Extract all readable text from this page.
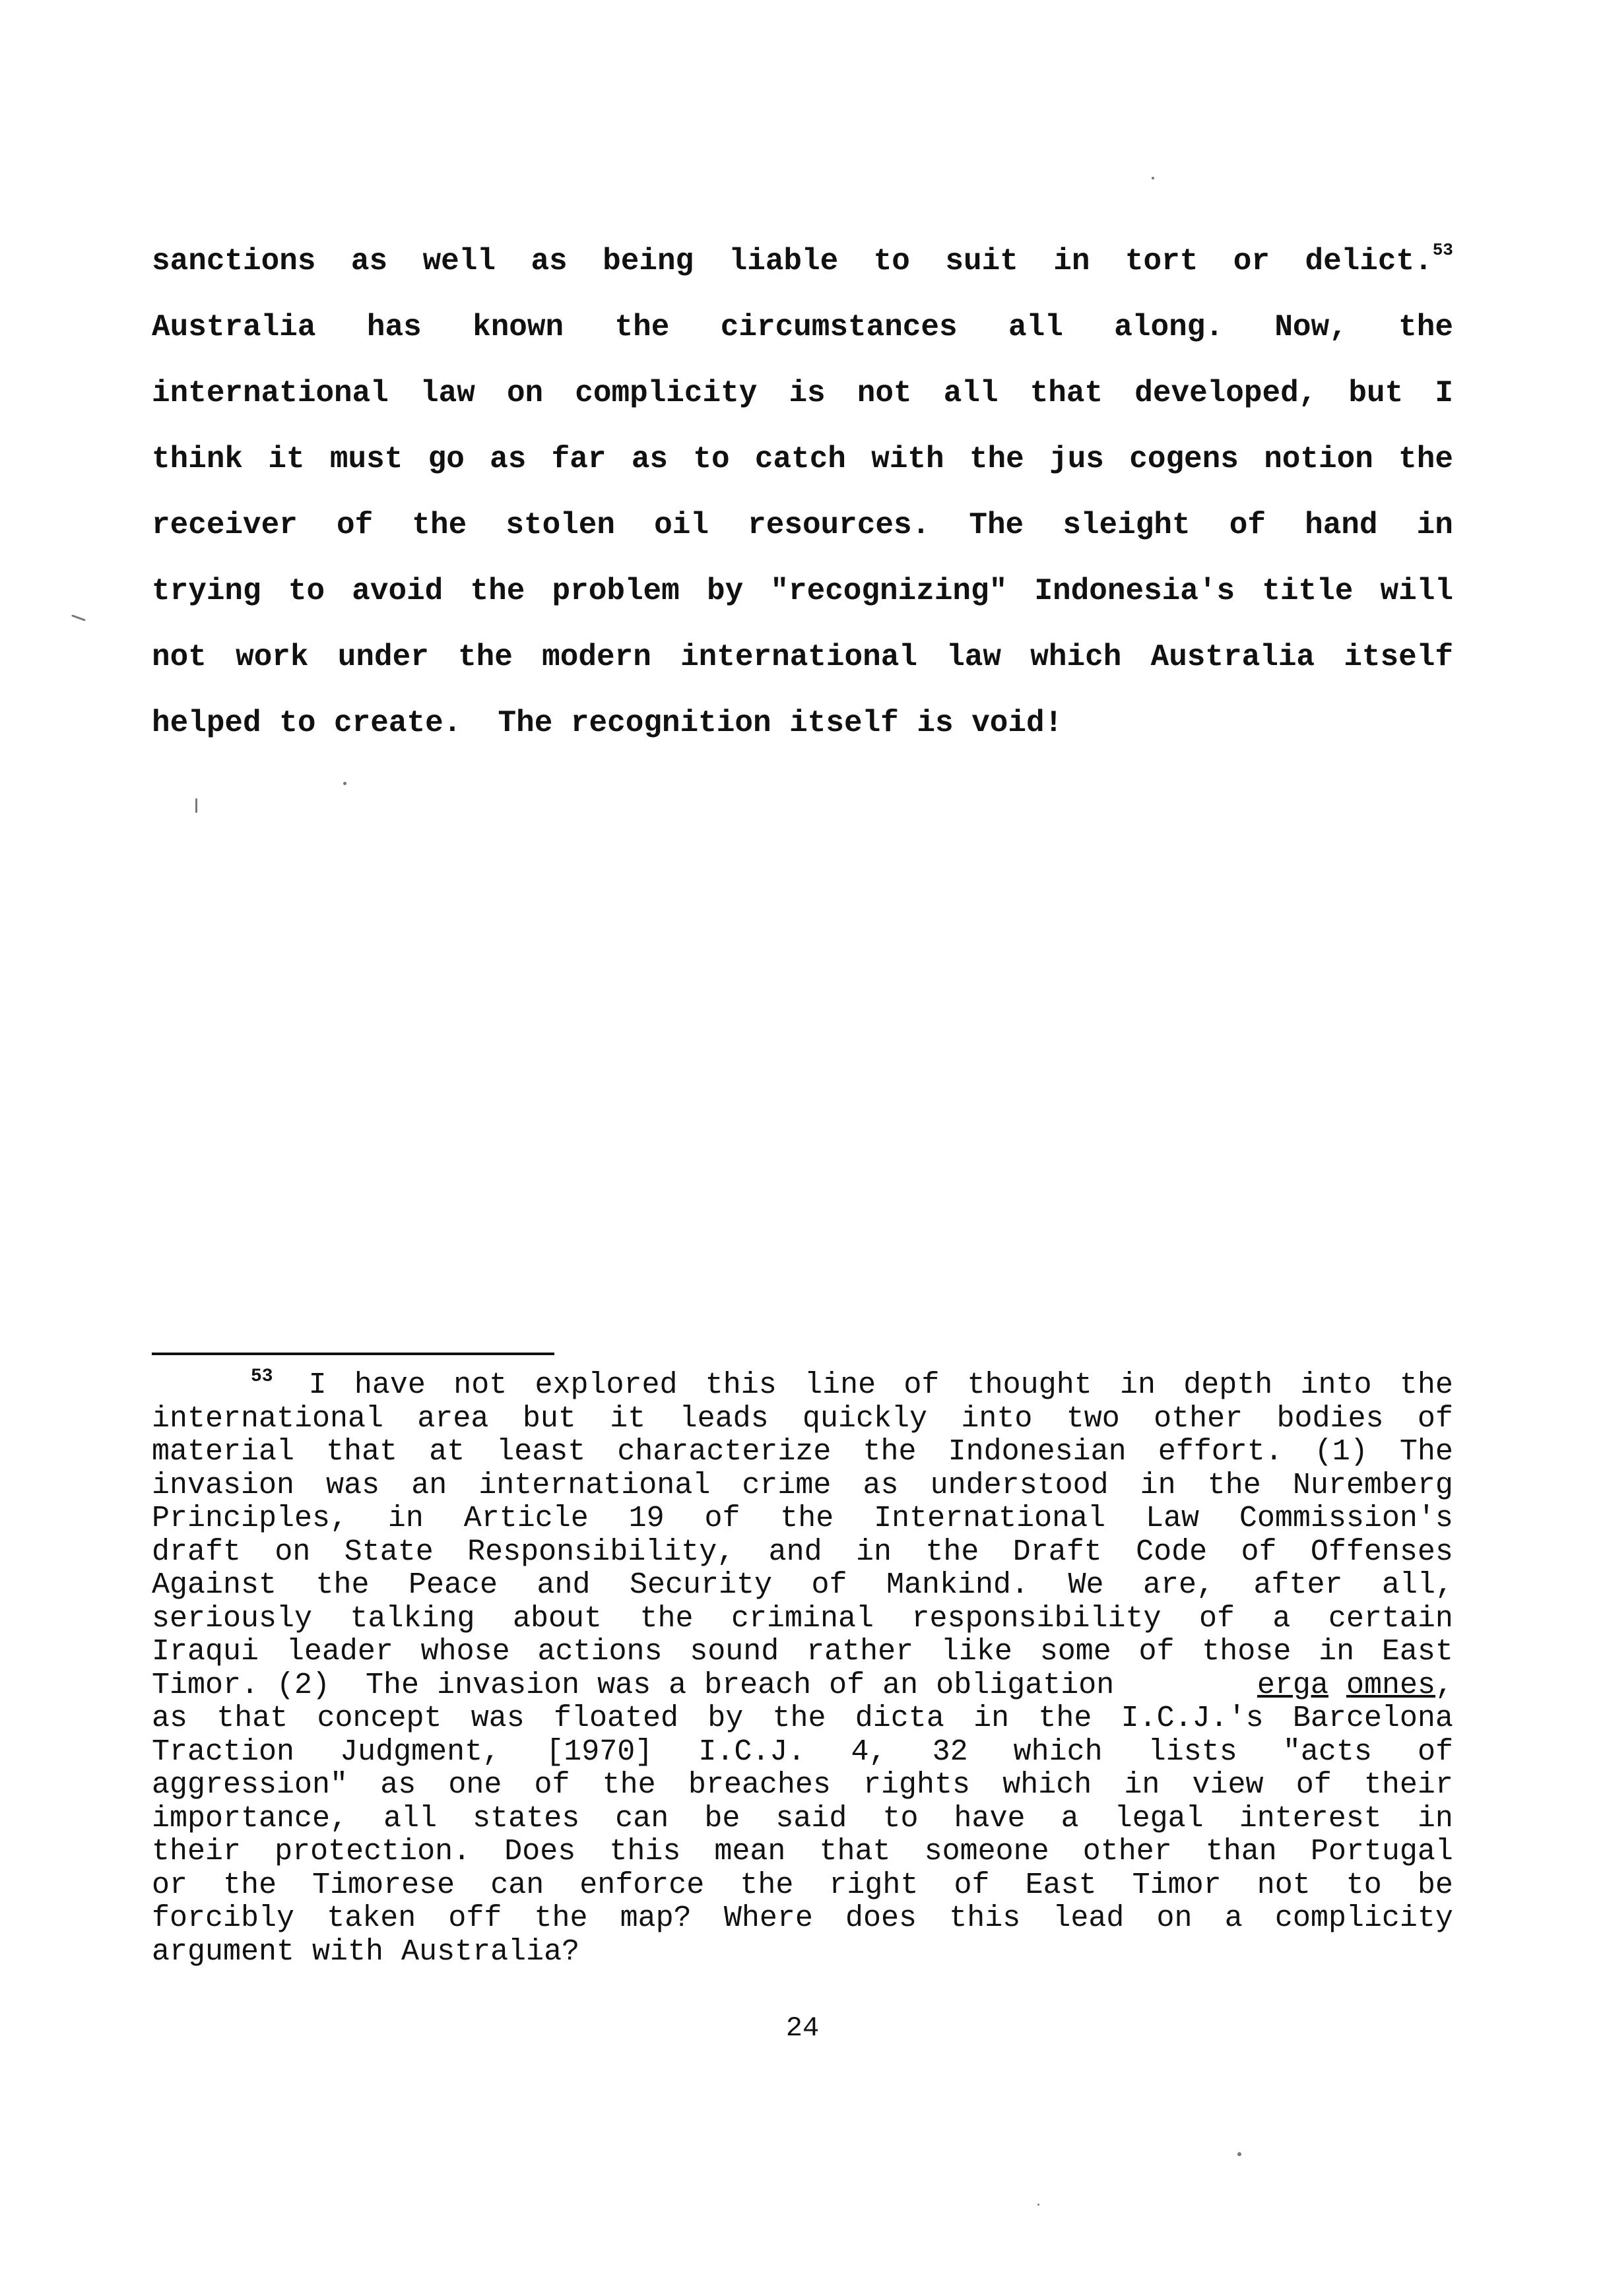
sanctions as well as being liable to suit in tort or delict.$^{53}$
Australia has known the circumstances all along. Now, the
international law on complicity is not all that developed, but I
think it must go as far as to catch with the jus cogens notion the
receiver of the stolen oil resources. The sleight of hand in
trying to avoid the problem by "recognizing" Indonesia's title will
not work under the modern international law which Australia itself
helped to create.  The recognition itself is void!
$^{53}$ I have not explored this line of thought in depth into the
international area but it leads quickly into two other bodies of
material that at least characterize the Indonesian effort. (1) The
invasion was an international crime as understood in the Nuremberg
Principles, in Article 19 of the International Law Commission's
draft on State Responsibility, and in the Draft Code of Offenses
Against the Peace and Security of Mankind. We are, after all,
seriously talking about the criminal responsibility of a certain
Iraqui leader whose actions sound rather like some of those in East
Timor. (2)  The invasion was a breach of an obligation	erga omnes,
as that concept was floated by the dicta in the I.C.J.'s Barcelona
Traction Judgment, [1970] I.C.J. 4, 32 which lists "acts of
aggression" as one of the breaches rights which in view of their
importance, all states can be said to have a legal interest in
their protection. Does this mean that someone other than Portugal
or the Timorese can enforce the right of East Timor not to be
forcibly taken off the map? Where does this lead on a complicity
argument with Australia?
24
